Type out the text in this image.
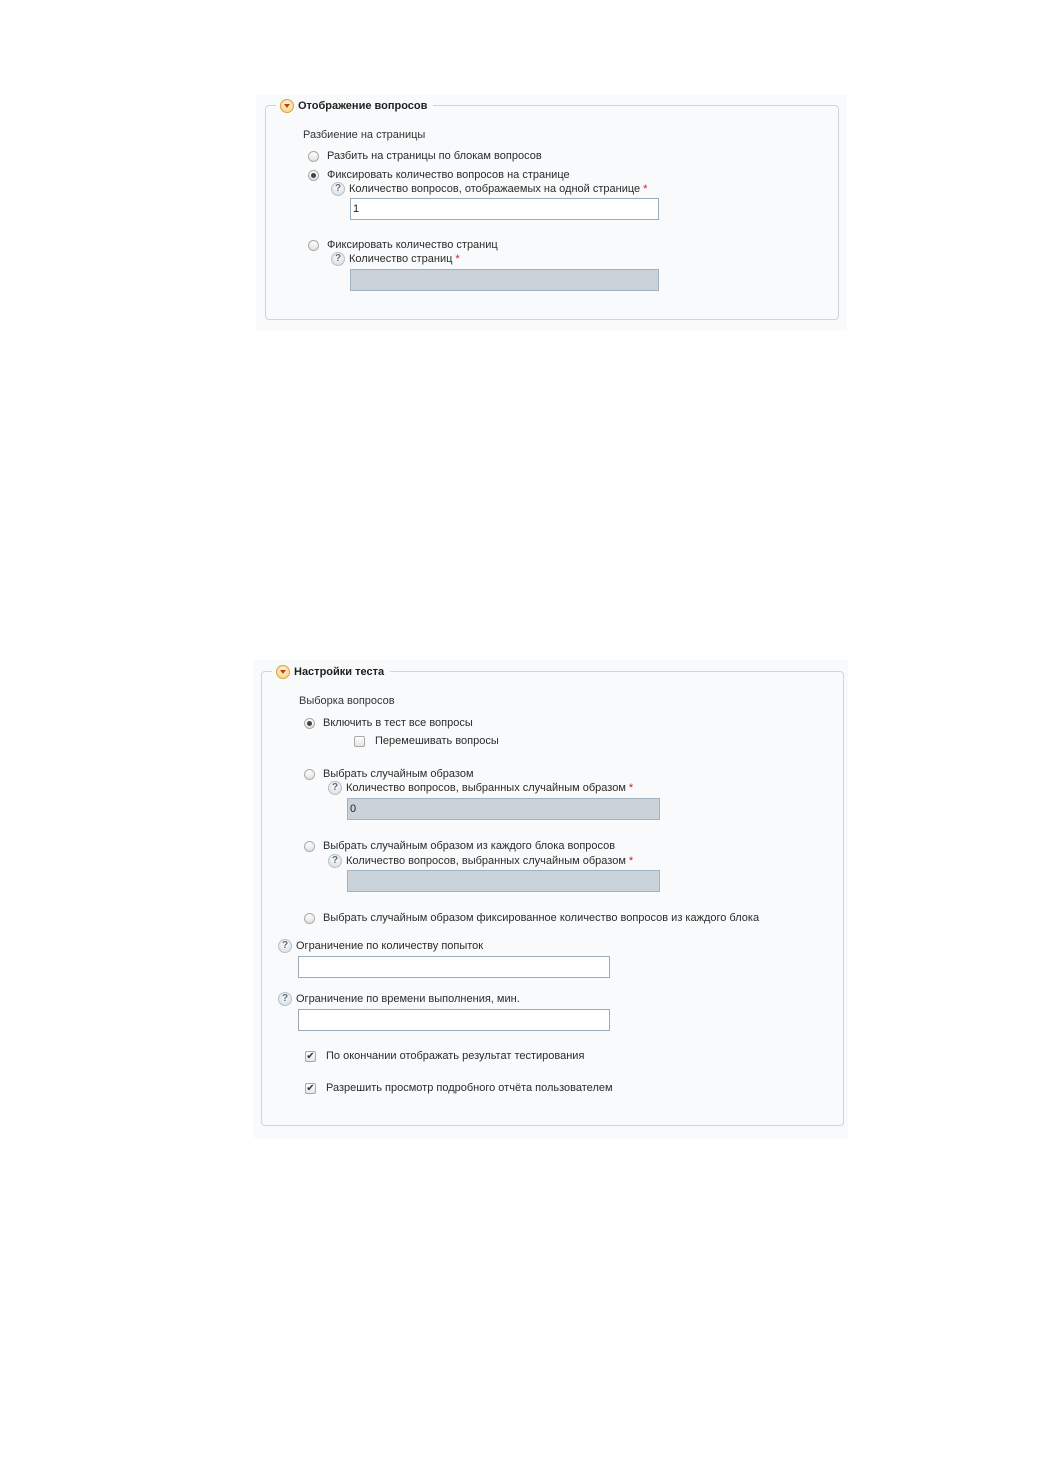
Отображение вопросов
Разбиение на страницы
Разбить на страницы по блокам вопросов
Фиксировать количество вопросов на странице
? Количество вопросов, отображаемых на одной странице *
1
Фиксировать количество страниц
? Количество страниц *
Настройки теста
Выборка вопросов
Включить в тест все вопросы
Перемешивать вопросы
Выбрать случайным образом
? Количество вопросов, выбранных случайным образом *
0
Выбрать случайным образом из каждого блока вопросов
? Количество вопросов, выбранных случайным образом *
Выбрать случайным образом фиксированное количество вопросов из каждого блока
? Ограничение по количеству попыток
? Ограничение по времени выполнения, мин.
✔ По окончании отображать результат тестирования
✔ Разрешить просмотр подробного отчёта пользователем
